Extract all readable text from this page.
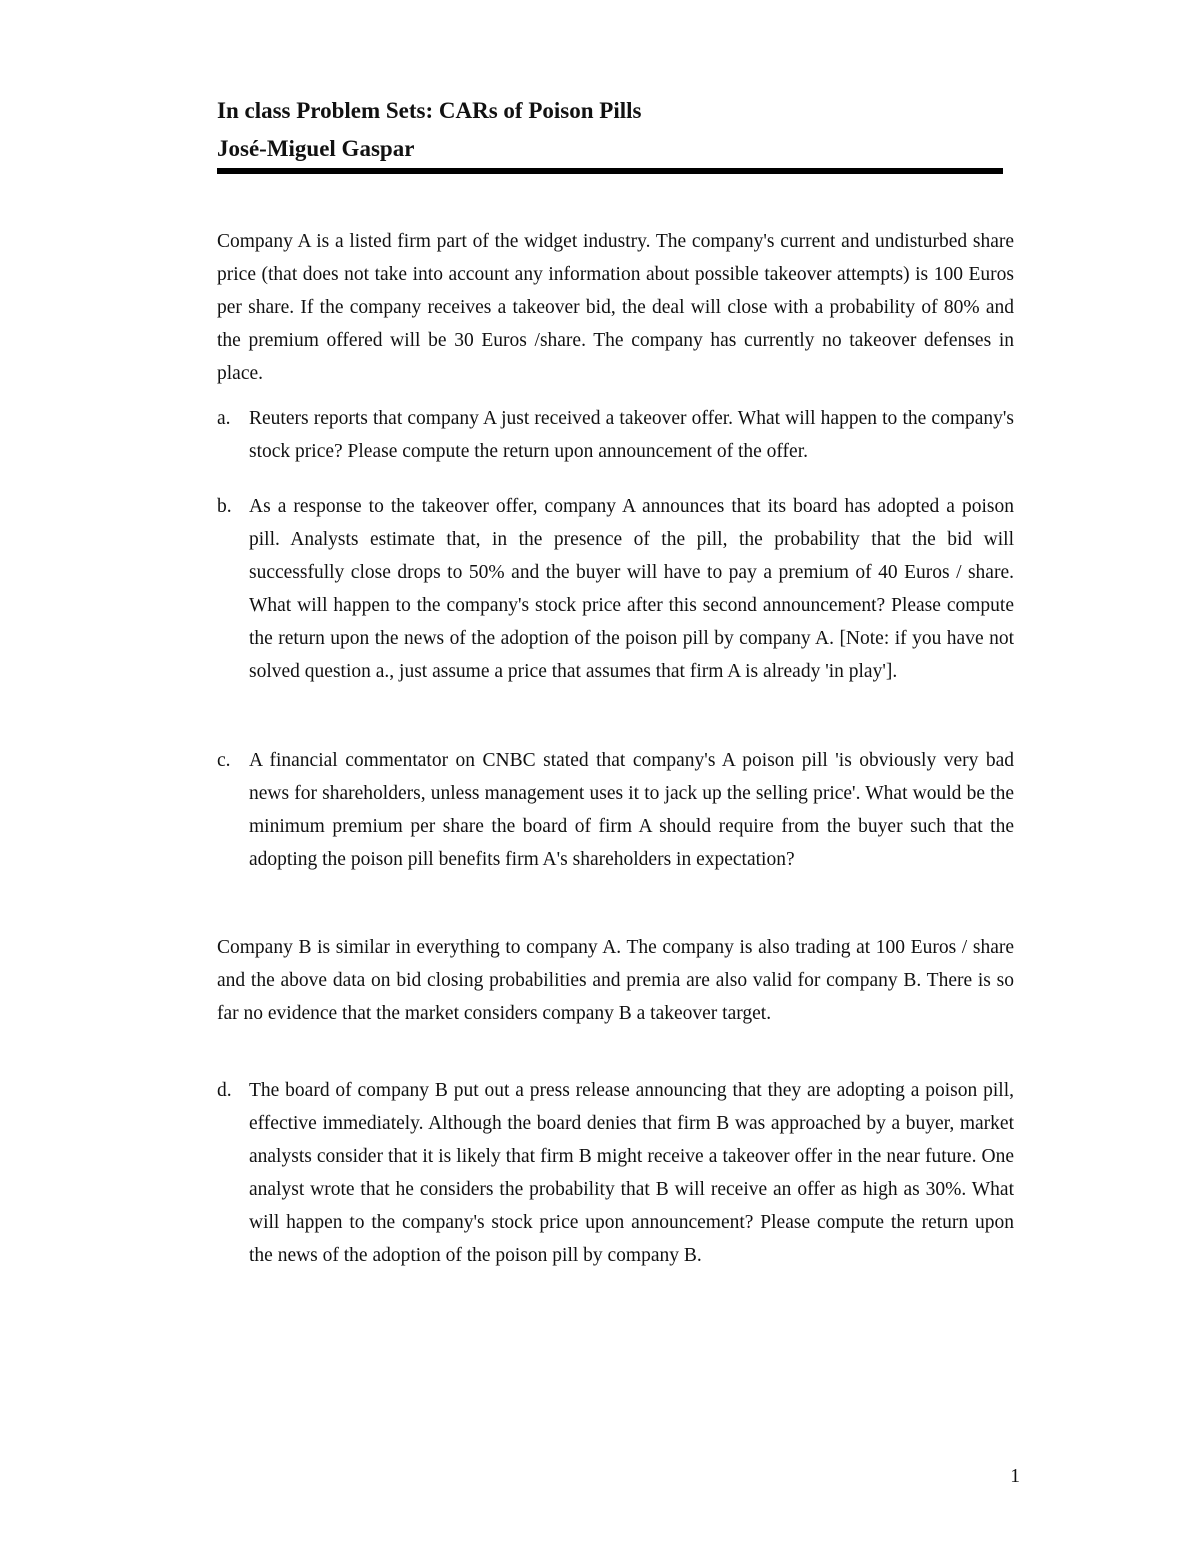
In class Problem Sets: CARs of Poison Pills

José-Miguel Gaspar

Company A is a listed firm part of the widget industry. The company's current and undisturbed share price (that does not take into account any information about possible takeover attempts) is 100 Euros per share. If the company receives a takeover bid, the deal will close with a probability of 80% and the premium offered will be 30 Euros /share. The company has currently no takeover defenses in place.

a. Reuters reports that company A just received a takeover offer. What will happen to the company's stock price? Please compute the return upon announcement of the offer.
b. As a response to the takeover offer, company A announces that its board has adopted a poison pill. Analysts estimate that, in the presence of the pill, the probability that the bid will successfully close drops to 50% and the buyer will have to pay a premium of 40 Euros / share. What will happen to the company's stock price after this second announcement? Please compute the return upon the news of the adoption of the poison pill by company A. [Note: if you have not solved question a., just assume a price that assumes that firm A is already 'in play'].
c. A financial commentator on CNBC stated that company's A poison pill 'is obviously very bad news for shareholders, unless management uses it to jack up the selling price'. What would be the minimum premium per share the board of firm A should require from the buyer such that the adopting the poison pill benefits firm A's shareholders in expectation?

Company B is similar in everything to company A. The company is also trading at 100 Euros / share and the above data on bid closing probabilities and premia are also valid for company B. There is so far no evidence that the market considers company B a takeover target.

d. The board of company B put out a press release announcing that they are adopting a poison pill, effective immediately. Although the board denies that firm B was approached by a buyer, market analysts consider that it is likely that firm B might receive a takeover offer in the near future. One analyst wrote that he considers the probability that B will receive an offer as high as 30%. What will happen to the company's stock price upon announcement? Please compute the return upon the news of the adoption of the poison pill by company B.
1
